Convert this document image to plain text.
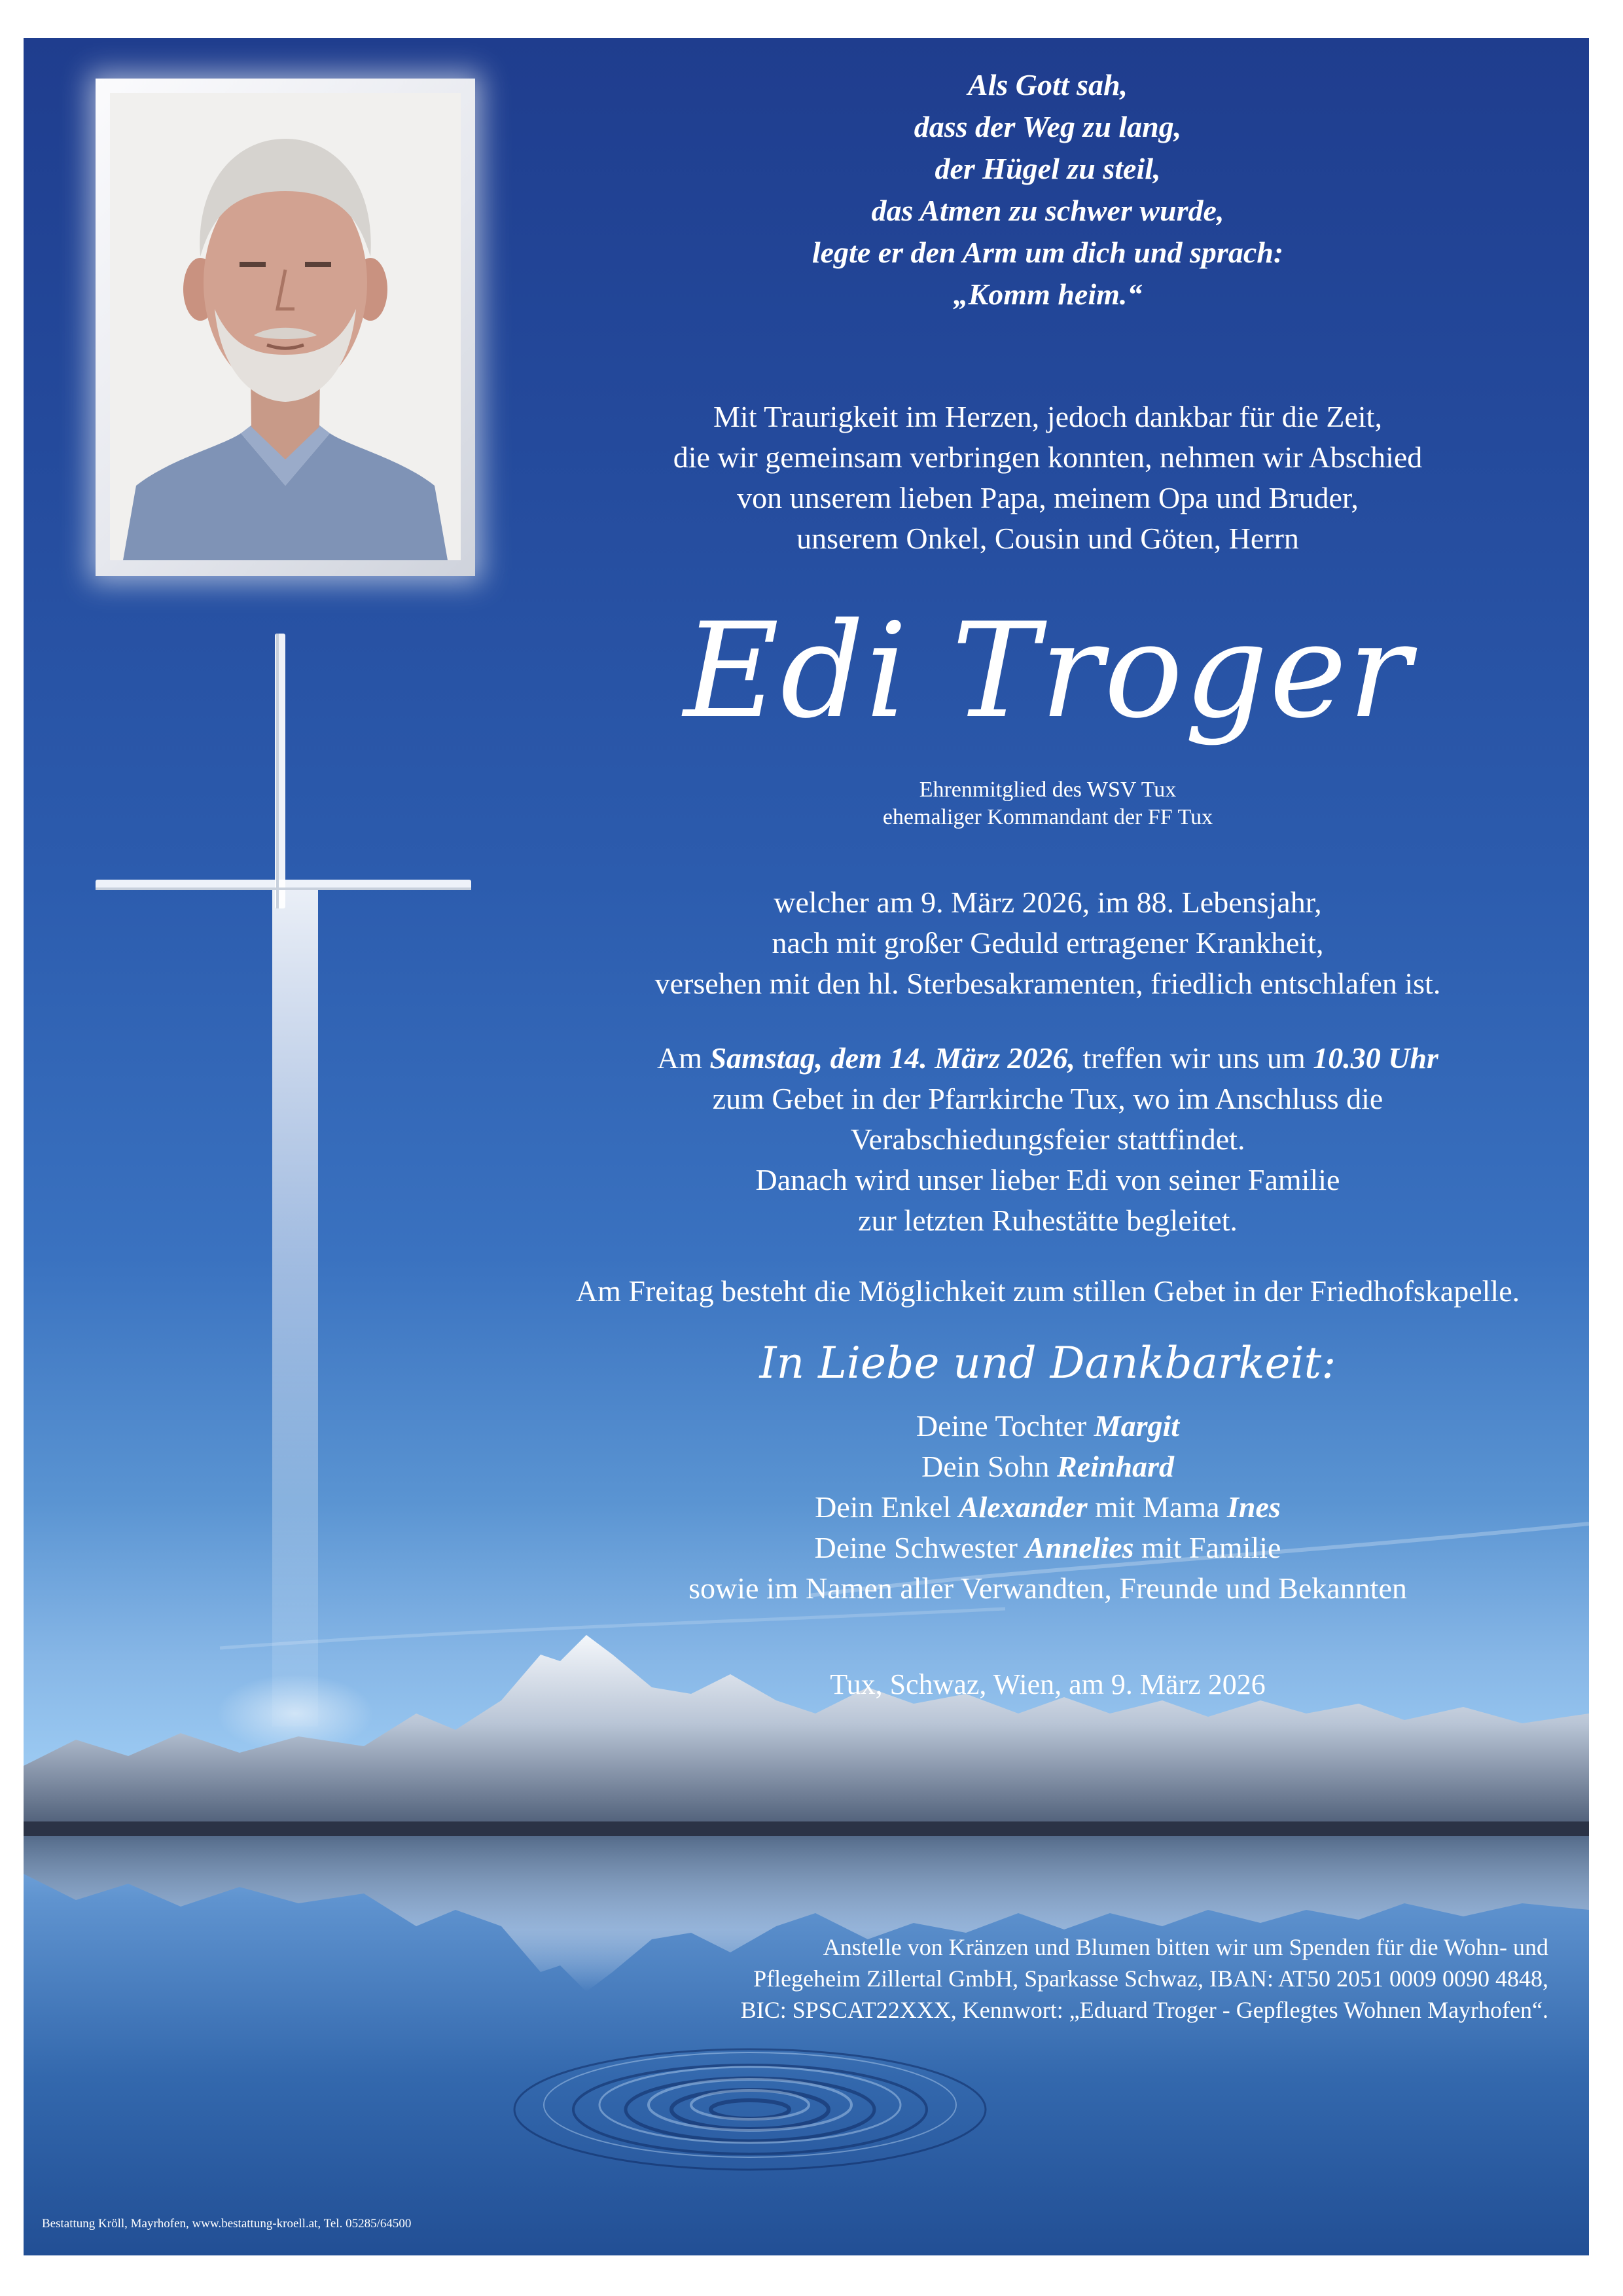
Als Gott sah,
dass der Weg zu lang,
der Hügel zu steil,
das Atmen zu schwer wurde,
legte er den Arm um dich und sprach:
„Komm heim.“
Mit Traurigkeit im Herzen, jedoch dankbar für die Zeit,
die wir gemeinsam verbringen konnten, nehmen wir Abschied
von unserem lieben Papa, meinem Opa und Bruder,
unserem Onkel, Cousin und Göten, Herrn
Edi Troger
Ehrenmitglied des WSV Tux
ehemaliger Kommandant der FF Tux
welcher am 9. März 2026, im 88. Lebensjahr,
nach mit großer Geduld ertragener Krankheit,
versehen mit den hl. Sterbesakramenten, friedlich entschlafen ist.
Am Samstag, dem 14. März 2026, treffen wir uns um 10.30 Uhr
zum Gebet in der Pfarrkirche Tux, wo im Anschluss die
Verabschiedungsfeier stattfindet.
Danach wird unser lieber Edi von seiner Familie
zur letzten Ruhestätte begleitet.
Am Freitag besteht die Möglichkeit zum stillen Gebet in der Friedhofskapelle.
In Liebe und Dankbarkeit:
Deine Tochter Margit
Dein Sohn Reinhard
Dein Enkel Alexander mit Mama Ines
Deine Schwester Annelies mit Familie
sowie im Namen aller Verwandten, Freunde und Bekannten
Tux, Schwaz, Wien, am 9. März 2026
Anstelle von Kränzen und Blumen bitten wir um Spenden für die Wohn- und
Pflegeheim Zillertal GmbH, Sparkasse Schwaz, IBAN: AT50 2051 0009 0090 4848,
BIC: SPSCAT22XXX, Kennwort: „Eduard Troger - Gepflegtes Wohnen Mayrhofen“.
Bestattung Kröll, Mayrhofen, www.bestattung-kroell.at, Tel. 05285/64500
